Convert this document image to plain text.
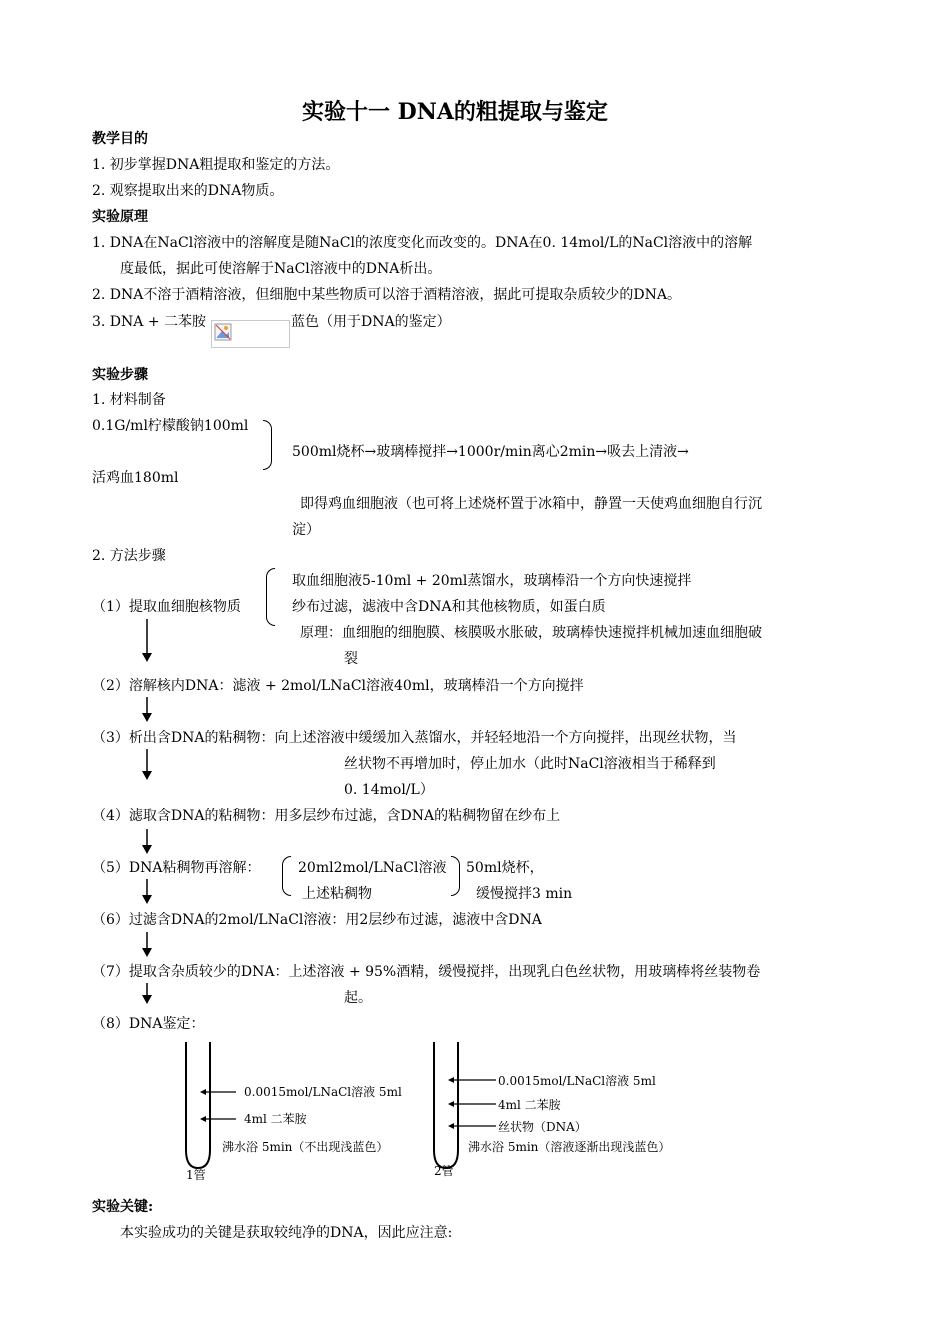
实验十一 DNA的粗提取与鉴定
教学目的
1. 初步掌握DNA粗提取和鉴定的方法。
2. 观察提取出来的DNA物质。
实验原理
1. DNA在NaCl溶液中的溶解度是随NaCl的浓度变化而改变的。DNA在0. 14mol/L的NaCl溶液中的溶解
度最低，据此可使溶解于NaCl溶液中的DNA析出。
2. DNA不溶于酒精溶液，但细胞中某些物质可以溶于酒精溶液，据此可提取杂质较少的DNA。
3. DNA + 二苯胺	蓝色（用于DNA的鉴定）
实验步骤
1. 材料制备
0.1G/ml柠檬酸钠100ml
500ml烧杯→玻璃棒搅拌→1000r/min离心2min→吸去上清液→
活鸡血180ml
即得鸡血细胞液（也可将上述烧杯置于冰箱中，静置一天使鸡血细胞自行沉
淀）
2. 方法步骤
取血细胞液5-10ml + 20ml蒸馏水，玻璃棒沿一个方向快速搅拌
（1）提取血细胞核物质	纱布过滤，滤液中含DNA和其他核物质，如蛋白质
原理：血细胞的细胞膜、核膜吸水胀破，玻璃棒快速搅拌机械加速血细胞破
裂
（2）溶解核内DNA：滤液 + 2mol/LNaCl溶液40ml，玻璃棒沿一个方向搅拌
（3）析出含DNA的粘稠物：向上述溶液中缓缓加入蒸馏水，并轻轻地沿一个方向搅拌，出现丝状物，当
丝状物不再增加时，停止加水（此时NaCl溶液相当于稀释到
0. 14mol/L）
（4）滤取含DNA的粘稠物：用多层纱布过滤，含DNA的粘稠物留在纱布上
（5）DNA粘稠物再溶解：	20ml2mol/LNaCl溶液 50ml烧杯，
上述粘稠物	缓慢搅拌3 min
（6）过滤含DNA的2mol/LNaCl溶液：用2层纱布过滤，滤液中含DNA
（7）提取含杂质较少的DNA：上述溶液 + 95%酒精，缓慢搅拌，出现乳白色丝状物，用玻璃棒将丝装物卷
起。
（8）DNA鉴定：
0.0015mol/LNaCl溶液 5ml
4ml 二苯胺
沸水浴 5min（不出现浅蓝色）
1管
0.0015mol/LNaCl溶液 5ml
4ml 二苯胺
丝状物（DNA）
沸水浴 5min（溶液逐渐出现浅蓝色）
2管
实验关键:
本实验成功的关键是获取较纯净的DNA，因此应注意:
